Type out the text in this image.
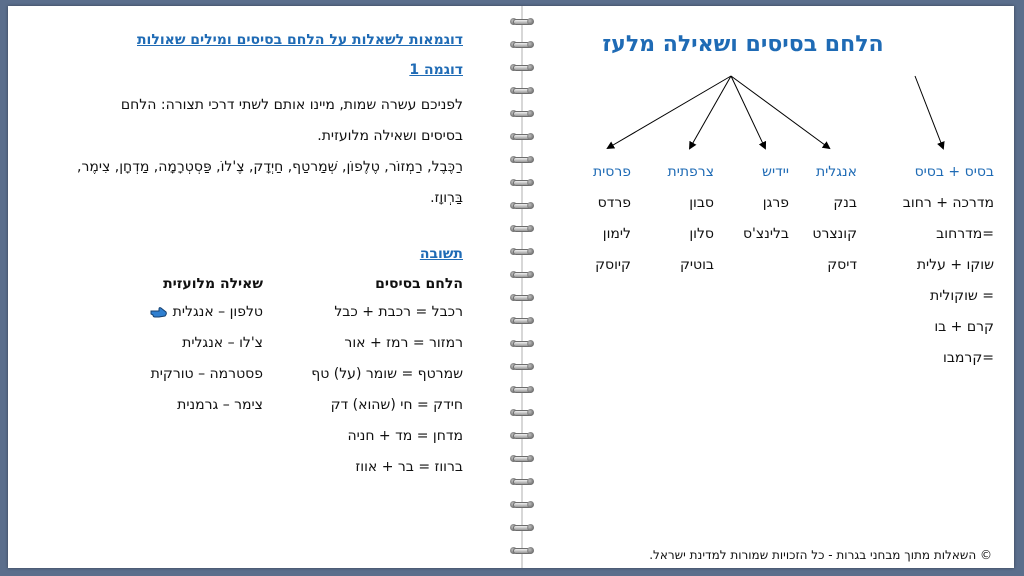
דוגמאות לשאלות על הלחם בסיסים ומילים שאולות
דוגמה 1
לפניכם עשרה שמות, מיינו אותם לשתי דרכי תצורה: הלחם
בסיסים ושאילה מלועזית.
רַכֶּבֶל, רַמְזוֹר, טֶלֶפוֹן, שְׁמַרטַף, חַיְדָק, צֶ'לוֹ, פַּסְטְרָמָה, מַדְחָן, צִימֶר,
בַּרְווָז.
תשובה
הלחם בסיסים
רכבל = רכבת + כבל
רמזור = רמז + אור
שמרטף = שומר (על) טף
חידק = חי (שהוא) דק
מדחן = מד + חניה
ברווז = בר + אווז
שאילה מלועזית
טלפון – אנגלית
צ'לו – אנגלית
פסטרמה – טורקית
צימר – גרמנית
הלחם בסיסים ושאילה מלעז
בסיס + בסיס
מדרכה + רחוב
=מדרחוב
שוקו + עלית
= שוקולית
קרם + בו
=קרמבו
אנגלית
בנק
קונצרט
דיסק
יידיש
פרגן
בלינצ'ס
צרפתית
סבון
סלון
בוטיק
פרסית
פרדס
לימון
קיוסק
© השאלות מתוך מבחני בגרות - כל הזכויות שמורות למדינת ישראל.
